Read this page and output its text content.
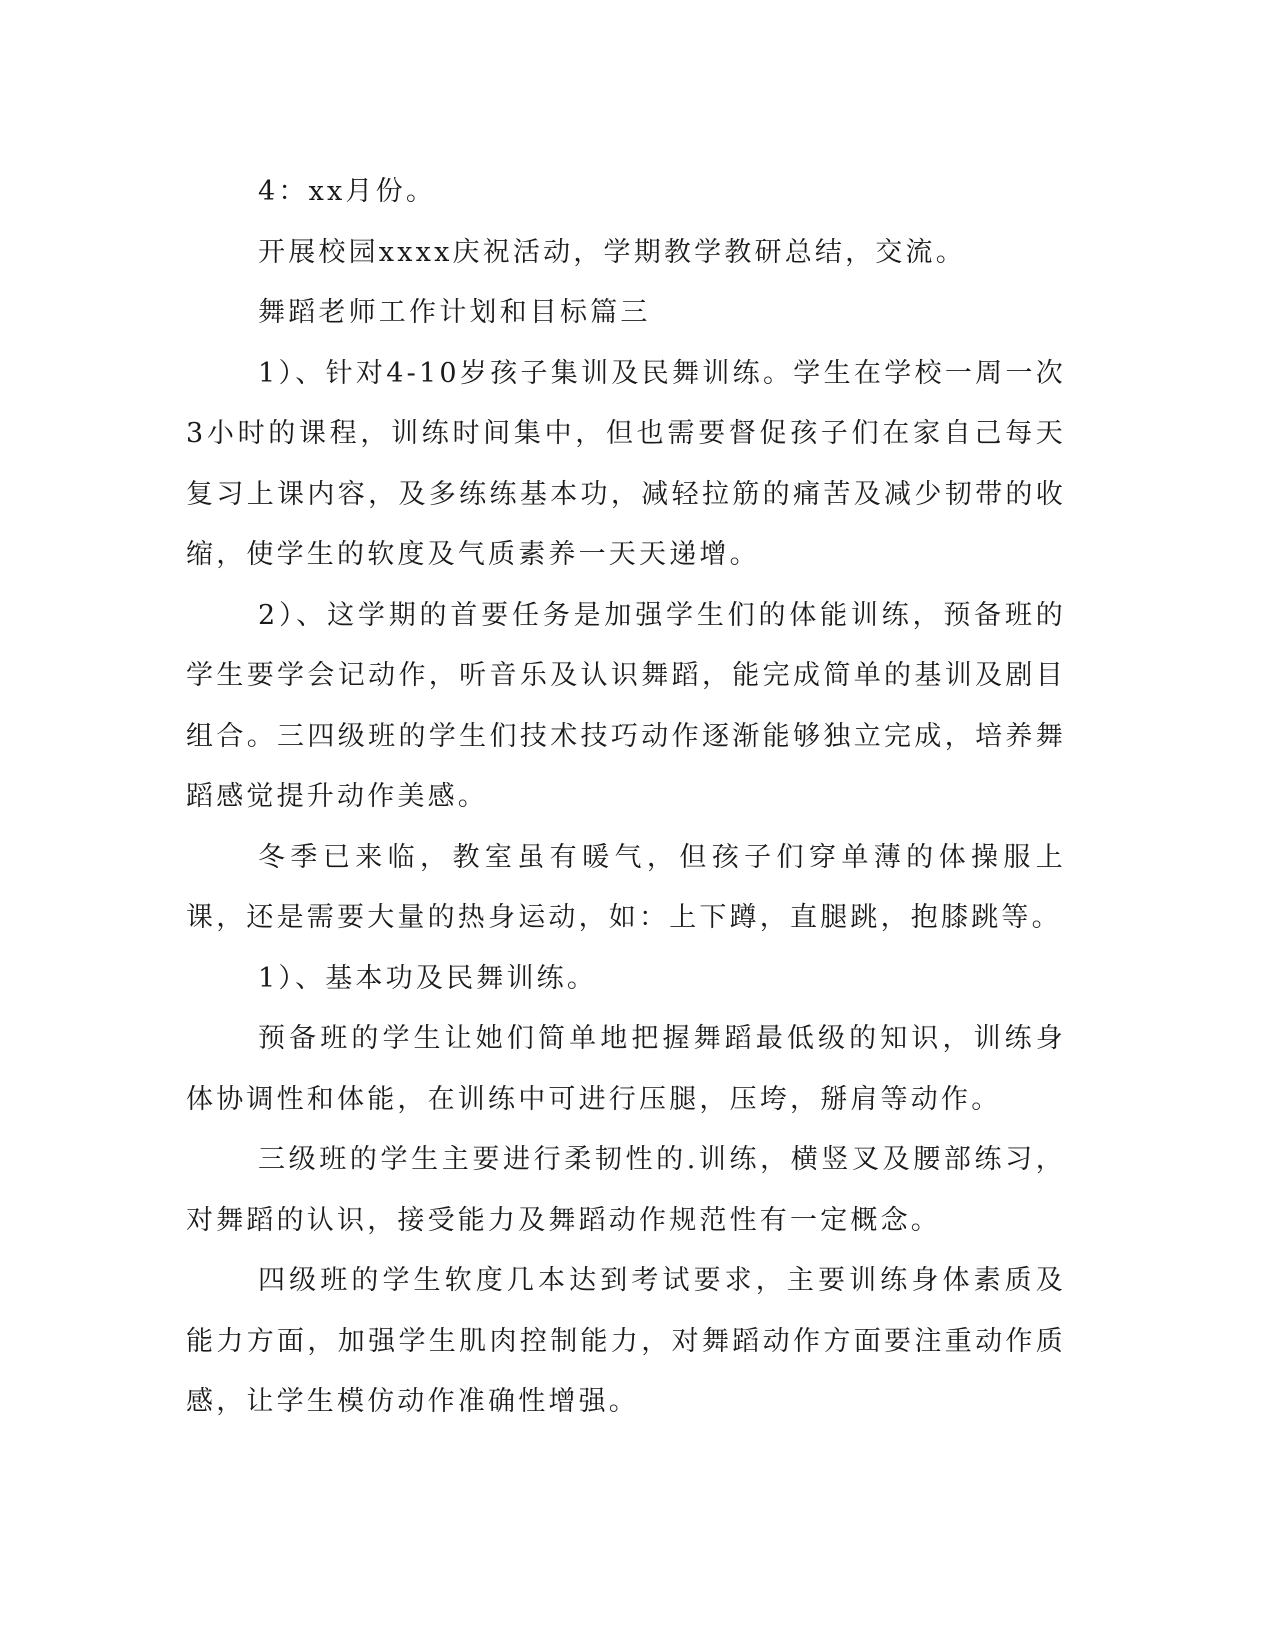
4：xx月份。

开展校园xxxx庆祝活动，学期教学教研总结，交流。

舞蹈老师工作计划和目标篇三

1）、针对4-10岁孩子集训及民舞训练。学生在学校一周一次3小时的课程，训练时间集中，但也需要督促孩子们在家自己每天复习上课内容，及多练练基本功，减轻拉筋的痛苦及减少韧带的收缩，使学生的软度及气质素养一天天递增。

2）、这学期的首要任务是加强学生们的体能训练，预备班的学生要学会记动作，听音乐及认识舞蹈，能完成简单的基训及剧目组合。三四级班的学生们技术技巧动作逐渐能够独立完成，培养舞蹈感觉提升动作美感。

冬季已来临，教室虽有暖气，但孩子们穿单薄的体操服上课，还是需要大量的热身运动，如：上下蹲，直腿跳，抱膝跳等。

1）、基本功及民舞训练。

预备班的学生让她们简单地把握舞蹈最低级的知识，训练身体协调性和体能，在训练中可进行压腿，压垮，掰肩等动作。

三级班的学生主要进行柔韧性的.训练，横竖叉及腰部练习，对舞蹈的认识，接受能力及舞蹈动作规范性有一定概念。

四级班的学生软度几本达到考试要求，主要训练身体素质及能力方面，加强学生肌肉控制能力，对舞蹈动作方面要注重动作质感，让学生模仿动作准确性增强。
